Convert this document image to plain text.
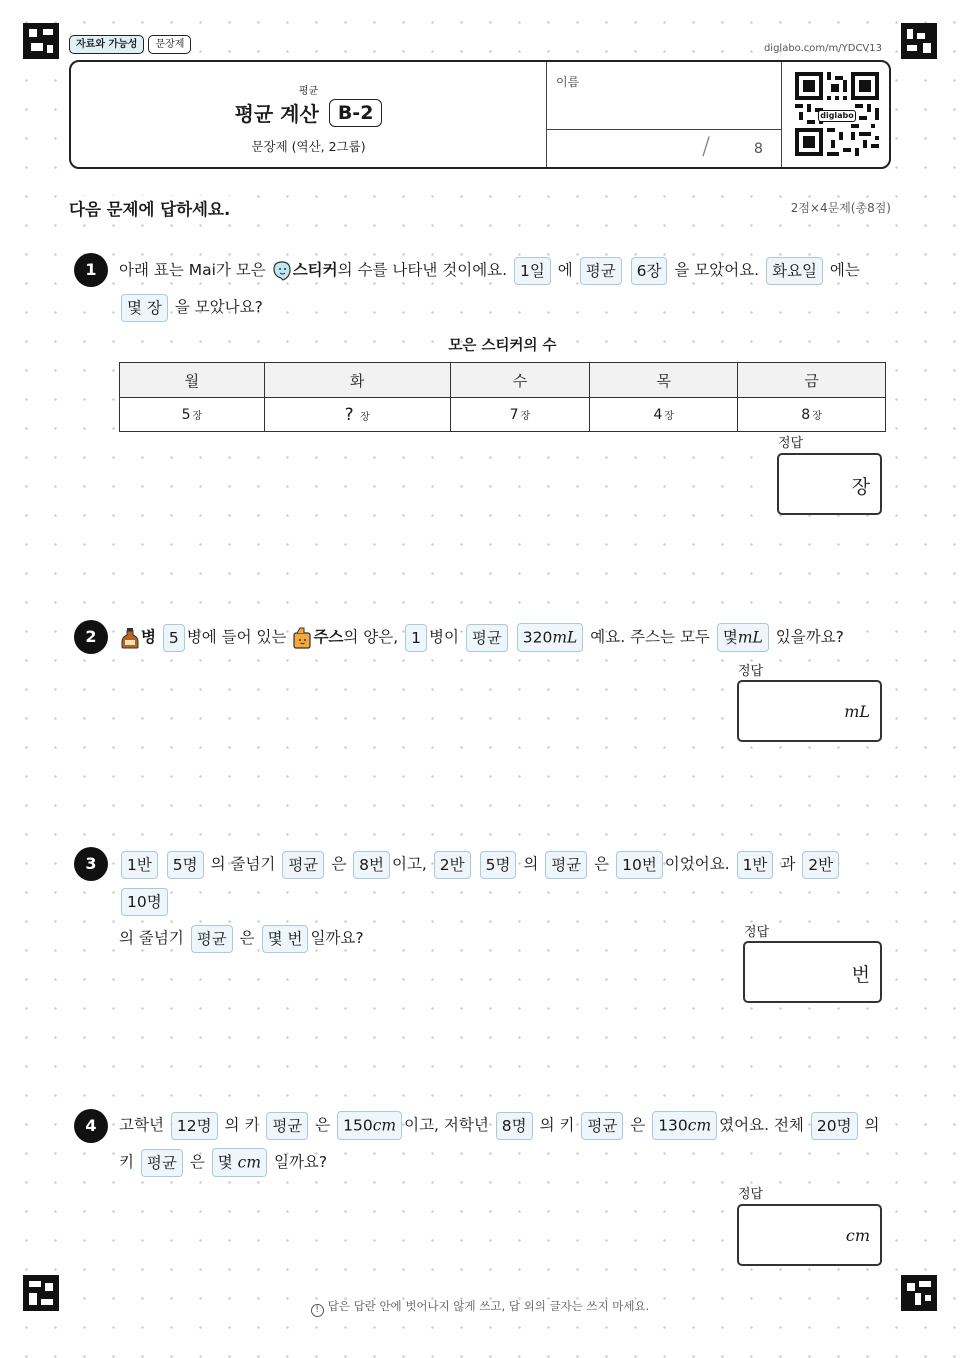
자료와 가능성	문장제	diglabo.com/m/YDCV13
평균
평균 계산	B-2
문장제 (역산, 2그룹)
이름
/	8
diglabo
다음 문제에 답하세요.	2점×4문제(총8점)
1	아래 표는 Mai가 모은 스티커의 수를 나타낸 것이에요. 1일 에 평균 6장 을 모았어요. 화요일 에는
몇 장 을 모았나요?
모은 스티커의 수
월	화	수	목	금
5 장	? 장	7 장	4 장	8 장
정답
장
2	병 5 병에 들어 있는 주스의 양은, 1 병이 평균 320mL 예요. 주스는 모두 몇mL 있을까요?
정답
mL
3	1반 5명 의 줄넘기 평균 은 8번 이고, 2반 5명 의 평균 은 10번 이었어요. 1반 과 2반 10명
의 줄넘기 평균 은 몇 번 일까요?	정답
번
4	고학년 12명 의 키 평균 은 150cm 이고, 저학년 8명 의 키 평균 은 130cm 였어요. 전체 20명 의
키 평균 은 몇 cm 일까요?
정답
cm
! 답은 답란 안에 벗어나지 않게 쓰고, 답 외의 글자는 쓰지 마세요.
